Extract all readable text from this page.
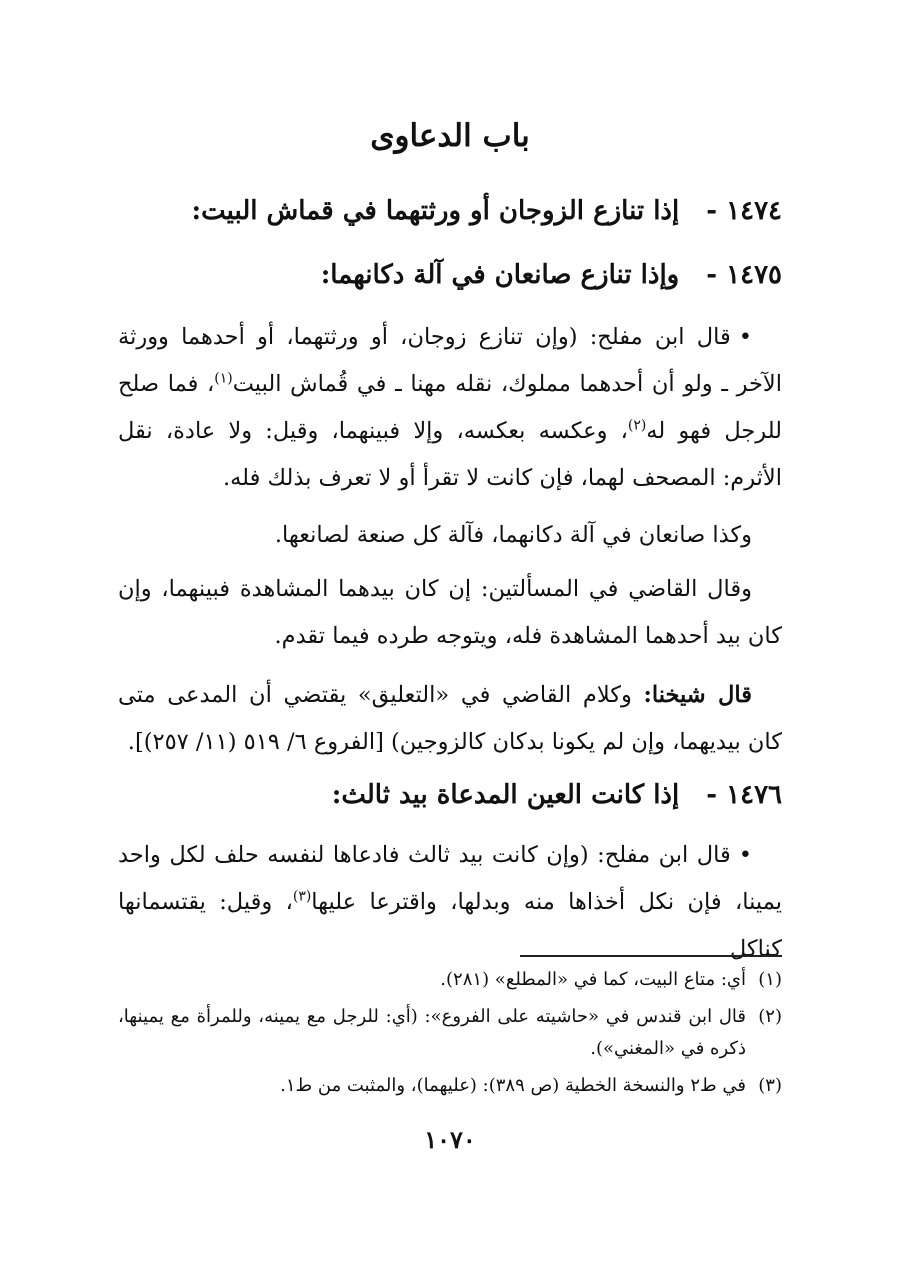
باب الدعاوى
١٤٧٤ - إذا تنازع الزوجان أو ورثتهما في قماش البيت:
١٤٧٥ - وإذا تنازع صانعان في آلة دكانهما:

•قال ابن مفلح: (وإن تنازع زوجان، أو ورثتهما، أو أحدهما وورثة الآخر ـ ولو أن أحدهما مملوك، نقله مهنا ـ في قُماش البيت$^{(١)}$، فما صلح للرجل فهو له$^{(٢)}$، وعكسه بعكسه، وإلا فبينهما، وقيل: ولا عادة، نقل الأثرم: المصحف لهما، فإن كانت لا تقرأ أو لا تعرف بذلك فله.

وكذا صانعان في آلة دكانهما، فآلة كل صنعة لصانعها.

وقال القاضي في المسألتين: إن كان بيدهما المشاهدة فبينهما، وإن كان بيد أحدهما المشاهدة فله، ويتوجه طرده فيما تقدم.

قال شيخنا: وكلام القاضي في «التعليق» يقتضي أن المدعى متى كان بيديهما، وإن لم يكونا بدكان كالزوجين) [الفروع ٦/ ٥١٩ (١١/ ٢٥٧)].

١٤٧٦ - إذا كانت العين المدعاة بيد ثالث:

•قال ابن مفلح: (وإن كانت بيد ثالث فادعاها لنفسه حلف لكل واحد يمينا، فإن نكل أخذاها منه وبدلها، واقترعا عليها$^{(٣)}$، وقيل: يقتسمانها كناكل

(١)
أي: متاع البيت، كما في «المطلع» (٢٨١).
(٢)
قال ابن قندس في «حاشيته على الفروع»: (أي: للرجل مع يمينه، وللمرأة مع يمينها، ذكره في «المغني»).
(٣)
في ط٢ والنسخة الخطية (ص ٣٨٩): (عليهما)، والمثبت من ط١.
١٠٧٠
